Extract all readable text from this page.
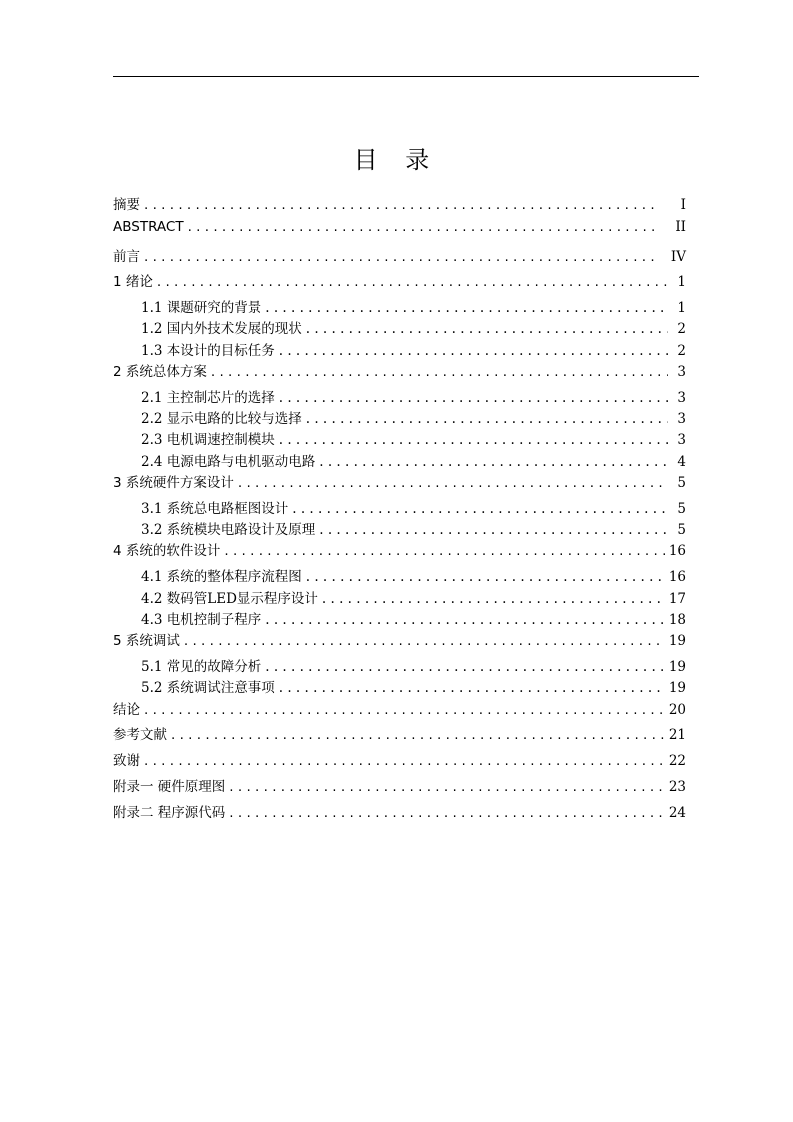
目 录
摘要 . . .	I
ABSTRACT . . .	II
前言 . . .	IV
1 绪论 . . .	1
1.1 课题研究的背景 . . .	1
1.2 国内外技术发展的现状 . . .	2
1.3 本设计的目标任务 . . .	2
2 系统总体方案 . . .	3
2.1 主控制芯片的选择 . . .	3
2.2 显示电路的比较与选择 . . .	3
2.3 电机调速控制模块 . . .	3
2.4 电源电路与电机驱动电路 . . .	4
3 系统硬件方案设计 . . .	5
3.1 系统总电路框图设计 . . .	5
3.2 系统模块电路设计及原理 . . .	5
4 系统的软件设计 . . .	16
4.1 系统的整体程序流程图 . . .	16
4.2 数码管LED显示程序设计 . . .	17
4.3 电机控制子程序 . . .	18
5 系统调试 . . .	19
5.1 常见的故障分析 . . .	19
5.2 系统调试注意事项 . . .	19
结论 . . .	20
参考文献 . . .	21
致谢 . . .	22
附录一 硬件原理图 . . .	23
附录二 程序源代码 . . .	24
